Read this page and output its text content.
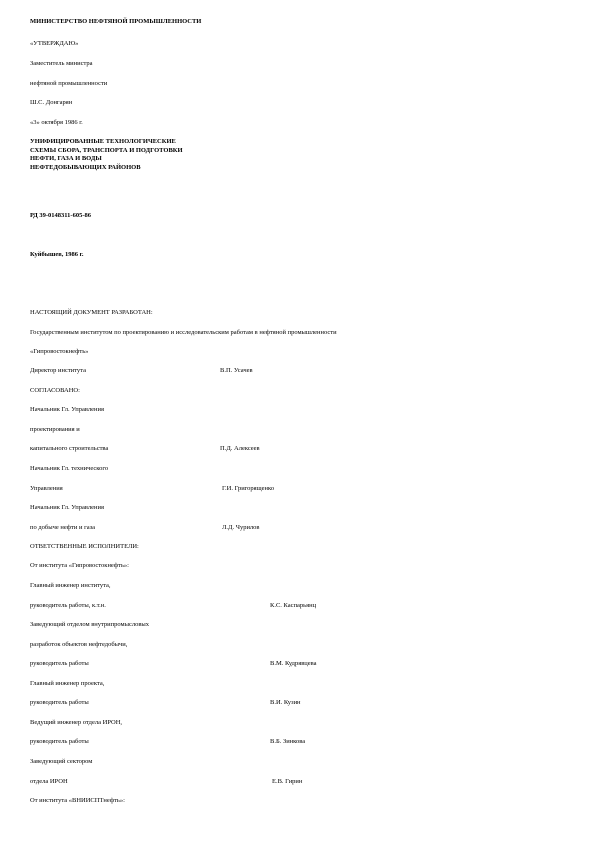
МИНИСТЕРСТВО НЕФТЯНОЙ ПРОМЫШЛЕННОСТИ
«УТВЕРЖДАЮ»
Заместитель министра
нефтяной промышленности
Ш.С. Донгарян
«3» октября 1986 г.
УНИФИЦИРОВАННЫЕ ТЕХНОЛОГИЧЕСКИЕ
СХЕМЫ СБОРА, ТРАНСПОРТА И ПОДГОТОВКИ
НЕФТИ, ГАЗА И ВОДЫ
НЕФТЕДОБЫВАЮЩИХ РАЙОНОВ
РД 39-0148311-605-86
Куйбышев, 1986 г.
НАСТОЯЩИЙ ДОКУМЕНТ РАЗРАБОТАН:
Государственным институтом по проектированию и исследовательским работам в нефтяной промышленности
«Гипровостокнефть»
Директор института	В.П. Усачев
СОГЛАСОВАНО:
Начальник Гл. Управления
проектирования и
капитального строительства	П.Д. Алексеев
Начальник Гл. технического
Управления	Г.И. Григорященко
Начальник Гл. Управления
по добыче нефти и газа	Л.Д. Чурилов
ОТВЕТСТВЕННЫЕ ИСПОЛНИТЕЛИ:
От института «Гипровостокнефть»:
Главный инженер института,
руководитель работы, к.т.н.	К.С. Каспарьянц
Заведующий отделом внутрипромысловых
разработок объектов нефтедобычи,
руководитель работы	В.М. Кудрявцева
Главный инженер проекта,
руководитель работы	В.И. Кузин
Ведущий инженер отдела ИРОН,
руководитель работы	В.Б. Зинкова
Заведующий сектором
отдела ИРОН	Е.В. Гирин
От института «ВНИИСПТнефть»:
